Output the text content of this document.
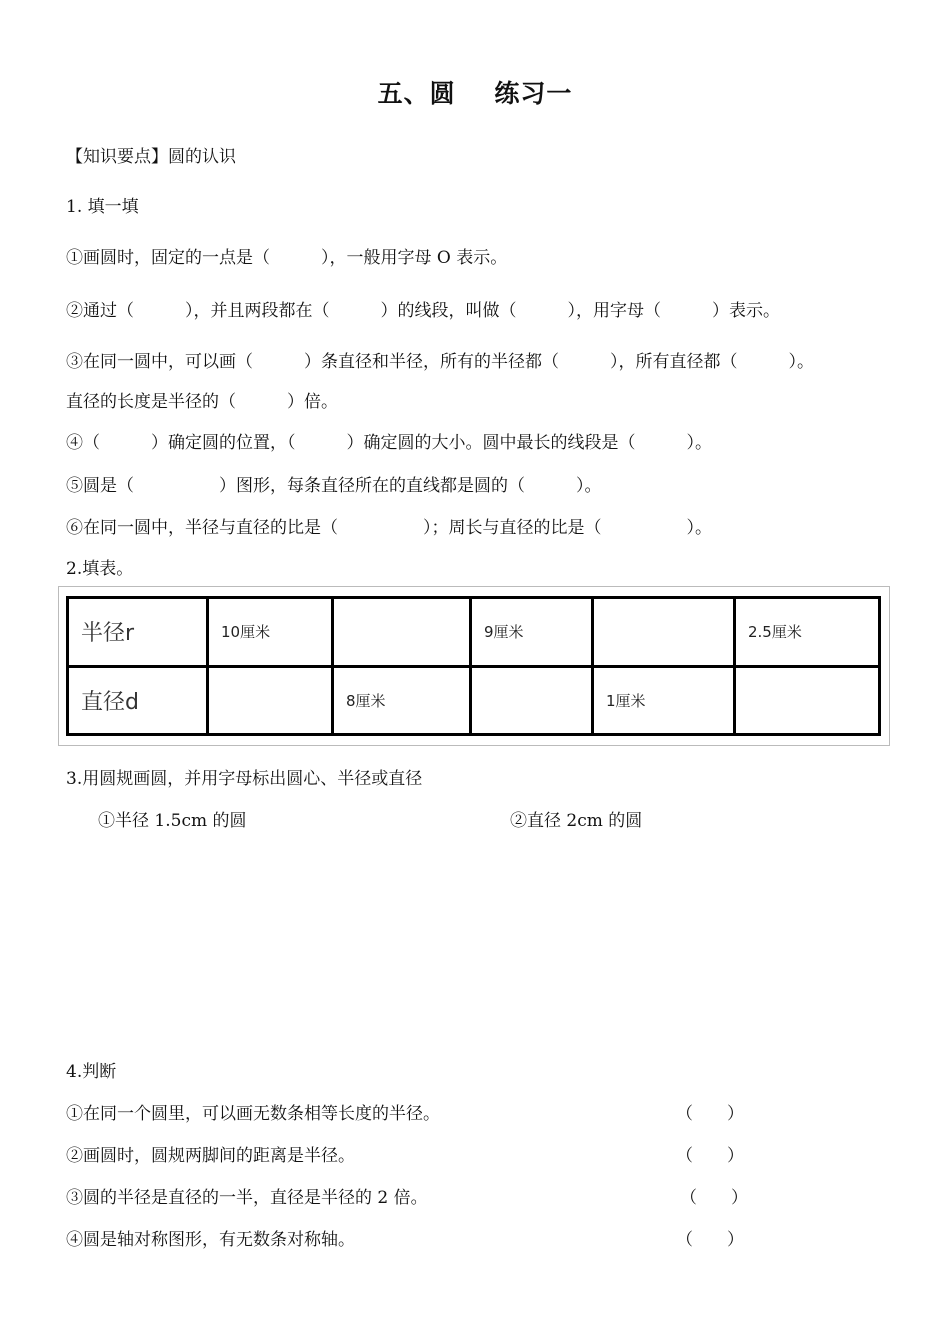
五、圆    练习一
【知识要点】圆的认识
1. 填一填
①画圆时，固定的一点是（　　　），一般用字母 O 表示。
②通过（　　　），并且两段都在（　　　）的线段，叫做（　　　），用字母（　　　）表示。
③在同一圆中，可以画（　　　）条直径和半径，所有的半径都（　　　），所有直径都（　　　）。
直径的长度是半径的（　　　）倍。
④（　　　）确定圆的位置，（　　　）确定圆的大小。圆中最长的线段是（　　　）。
⑤圆是（　　　　　）图形，每条直径所在的直线都是圆的（　　　）。
⑥在同一圆中，半径与直径的比是（　　　　　）；周长与直径的比是（　　　　　）。
2.填表。
半径r	10厘米		9厘米		2.5厘米
直径d		8厘米		1厘米	
3.用圆规画圆，并用字母标出圆心、半径或直径
①半径 1.5cm 的圆	②直径 2cm 的圆
4.判断
①在同一个圆里，可以画无数条相等长度的半径。	（　　）
②画圆时，圆规两脚间的距离是半径。	（　　）
③圆的半径是直径的一半，直径是半径的 2 倍。	（　　）
④圆是轴对称图形，有无数条对称轴。	（　　）
